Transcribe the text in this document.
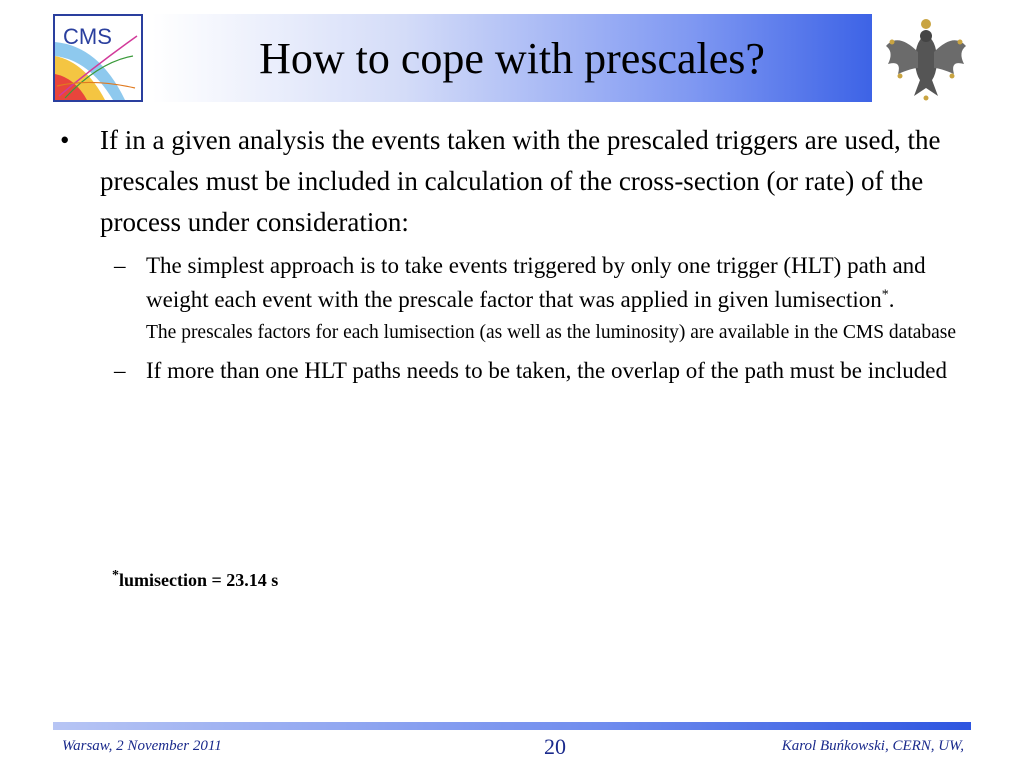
CMS	How to cope with prescales?
• If in a given analysis the events taken with the prescaled triggers are used, the prescales must be included in calculation of the cross-section (or rate) of the process under consideration:
– The simplest approach is to take events triggered by only one trigger (HLT) path and weight each event with the prescale factor that was applied in given lumisection*.
The prescales factors for each lumisection (as well as the luminosity) are available in the CMS database
– If more than one HLT paths needs to be taken, the overlap of the path must be included
*lumisection = 23.14 s
Warsaw, 2 November 2011	20	Karol Buńkowski, CERN, UW,
